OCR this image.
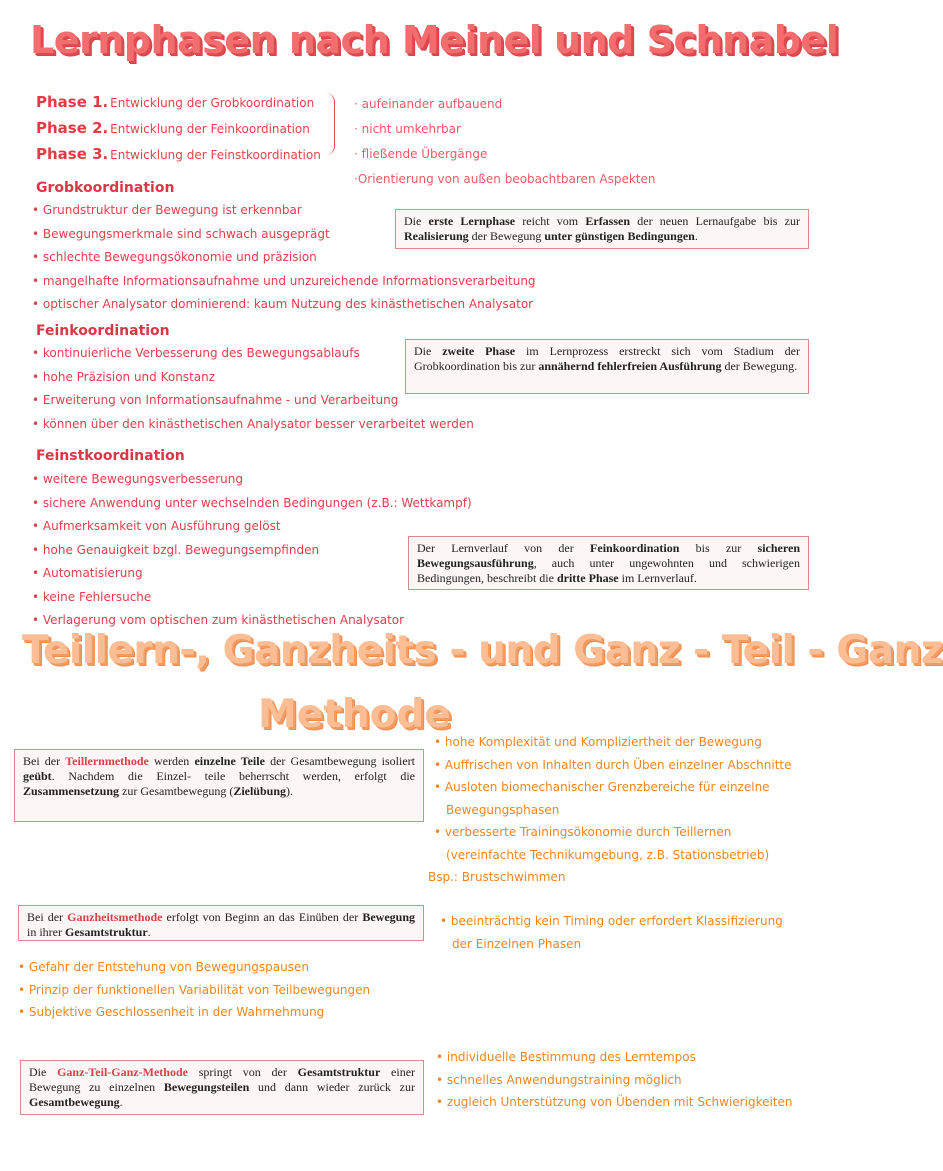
Lernphasen nach Meinel und Schnabel
Phase 1. Entwicklung der Grobkoordination
Phase 2. Entwicklung der Feinkoordination
Phase 3. Entwicklung der Feinstkoordination
· aufeinander aufbauend
· nicht umkehrbar
· fließende Übergänge
·Orientierung von außen beobachtbaren Aspekten
Grobkoordination
• Grundstruktur der Bewegung ist erkennbar
• Bewegungsmerkmale sind schwach ausgeprägt
• schlechte Bewegungsökonomie und präzision
• mangelhafte Informationsaufnahme und unzureichende Informationsverarbeitung
• optischer Analysator dominierend: kaum Nutzung des kinästhetischen Analysator
Die erste Lernphase reicht vom Erfassen der neuen Lernaufgabe bis zur Realisierung der Bewegung unter günstigen Bedingungen.
Feinkoordination
• kontinuierliche Verbesserung des Bewegungsablaufs
• hohe Präzision und Konstanz
• Erweiterung von Informationsaufnahme - und Verarbeitung
• können über den kinästhetischen Analysator besser verarbeitet werden
Die zweite Phase im Lernprozess erstreckt sich vom Stadium der Grobkoordination bis zur annähernd fehlerfreien Ausführung der Bewegung.
Feinstkoordination
• weitere Bewegungsverbesserung
• sichere Anwendung unter wechselnden Bedingungen (z.B.: Wettkampf)
• Aufmerksamkeit von Ausführung gelöst
• hohe Genauigkeit bzgl. Bewegungsempfinden
• Automatisierung
• keine Fehlersuche
• Verlagerung vom optischen zum kinästhetischen Analysator
Der Lernverlauf von der Feinkoordination bis zur sicheren Bewegungsausführung, auch unter ungewohnten und schwierigen Bedingungen, beschreibt die dritte Phase im Lernverlauf.
Teillern-, Ganzheits - und Ganz - Teil - Ganz
Methode
Bei der Teillernmethode werden einzelne Teile der Gesamtbewegung isoliert geübt. Nachdem die Einzel- teile beherrscht werden, erfolgt die Zusammensetzung zur Gesamtbewegung (Zielübung).
• hohe Komplexität und Kompliziertheit der Bewegung
• Auffrischen von Inhalten durch Üben einzelner Abschnitte
• Ausloten biomechanischer Grenzbereiche für einzelne
Bewegungsphasen
• verbesserte Trainingsökonomie durch Teillernen
(vereinfachte Technikumgebung, z.B. Stationsbetrieb)
Bsp.: Brustschwimmen
Bei der Ganzheitsmethode erfolgt von Beginn an das Einüben der Bewegung in ihrer Gesamtstruktur.
• beeinträchtig kein Timing oder erfordert Klassifizierung
der Einzelnen Phasen
• Gefahr der Entstehung von Bewegungspausen
• Prinzip der funktionellen Variabilität von Teilbewegungen
• Subjektive Geschlossenheit in der Wahrnehmung
Die Ganz-Teil-Ganz-Methode springt von der Gesamtstruktur einer Bewegung zu einzelnen Bewegungsteilen und dann wieder zurück zur Gesamtbewegung.
• individuelle Bestimmung des Lerntempos
• schnelles Anwendungstraining möglich
• zugleich Unterstützung von Übenden mit Schwierigkeiten
